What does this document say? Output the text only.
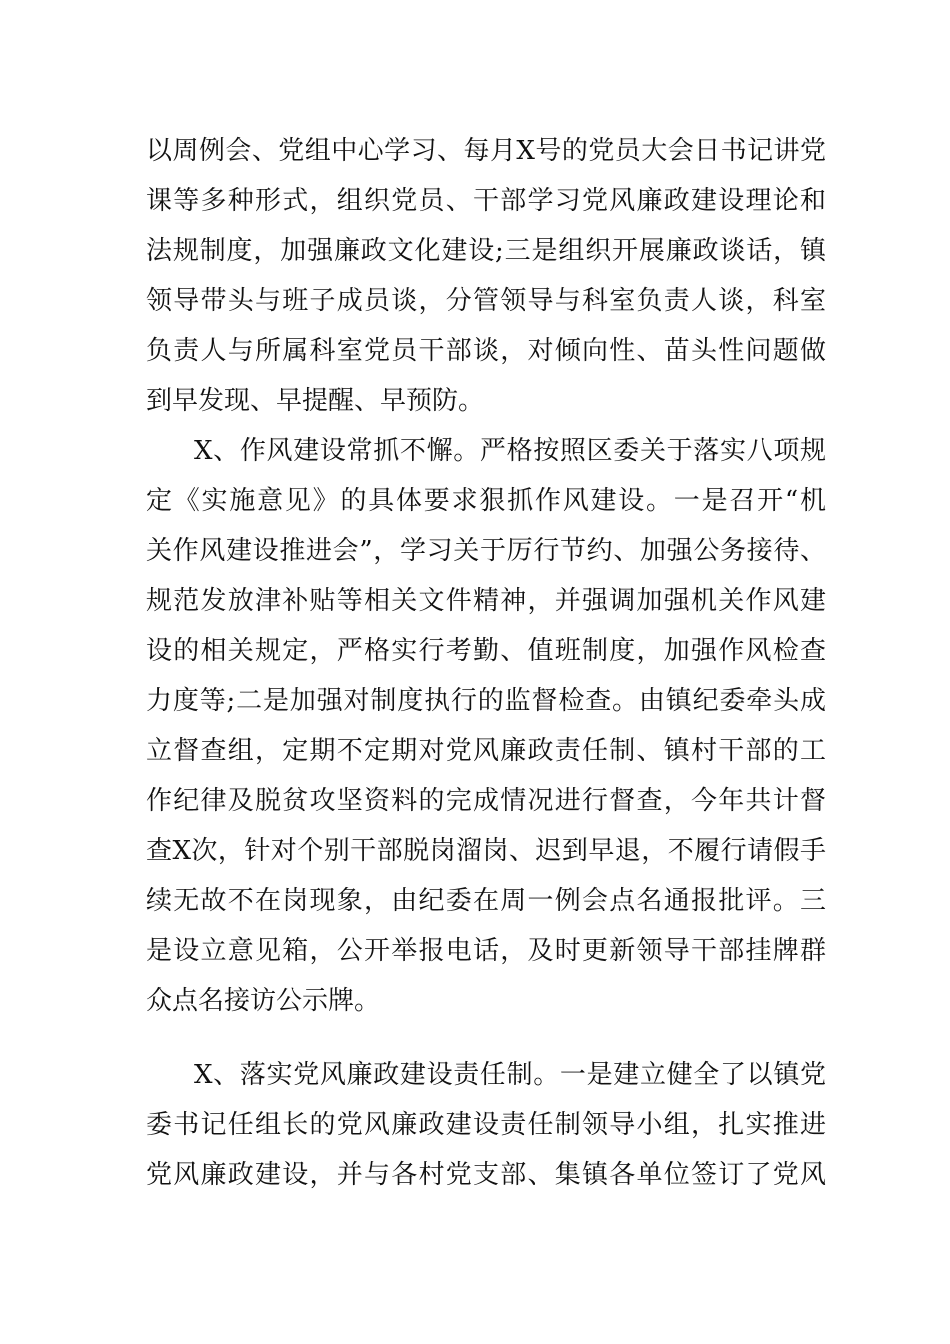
以周例会、党组中心学习、每月X号的党员大会日书记讲党
课等多种形式，组织党员、干部学习党风廉政建设理论和
法规制度，加强廉政文化建设;三是组织开展廉政谈话，镇
领导带头与班子成员谈，分管领导与科室负责人谈，科室
负责人与所属科室党员干部谈，对倾向性、苗头性问题做
到早发现、早提醒、早预防。
X、作风建设常抓不懈。严格按照区委关于落实八项规
定《实施意见》的具体要求狠抓作风建设。一是召开“机
关作风建设推进会”，学习关于厉行节约、加强公务接待、
规范发放津补贴等相关文件精神，并强调加强机关作风建
设的相关规定，严格实行考勤、值班制度，加强作风检查
力度等;二是加强对制度执行的监督检查。由镇纪委牵头成
立督查组，定期不定期对党风廉政责任制、镇村干部的工
作纪律及脱贫攻坚资料的完成情况进行督查，今年共计督
查X次，针对个别干部脱岗溜岗、迟到早退，不履行请假手
续无故不在岗现象，由纪委在周一例会点名通报批评。三
是设立意见箱，公开举报电话，及时更新领导干部挂牌群
众点名接访公示牌。
X、落实党风廉政建设责任制。一是建立健全了以镇党
委书记任组长的党风廉政建设责任制领导小组，扎实推进
党风廉政建设，并与各村党支部、集镇各单位签订了党风
